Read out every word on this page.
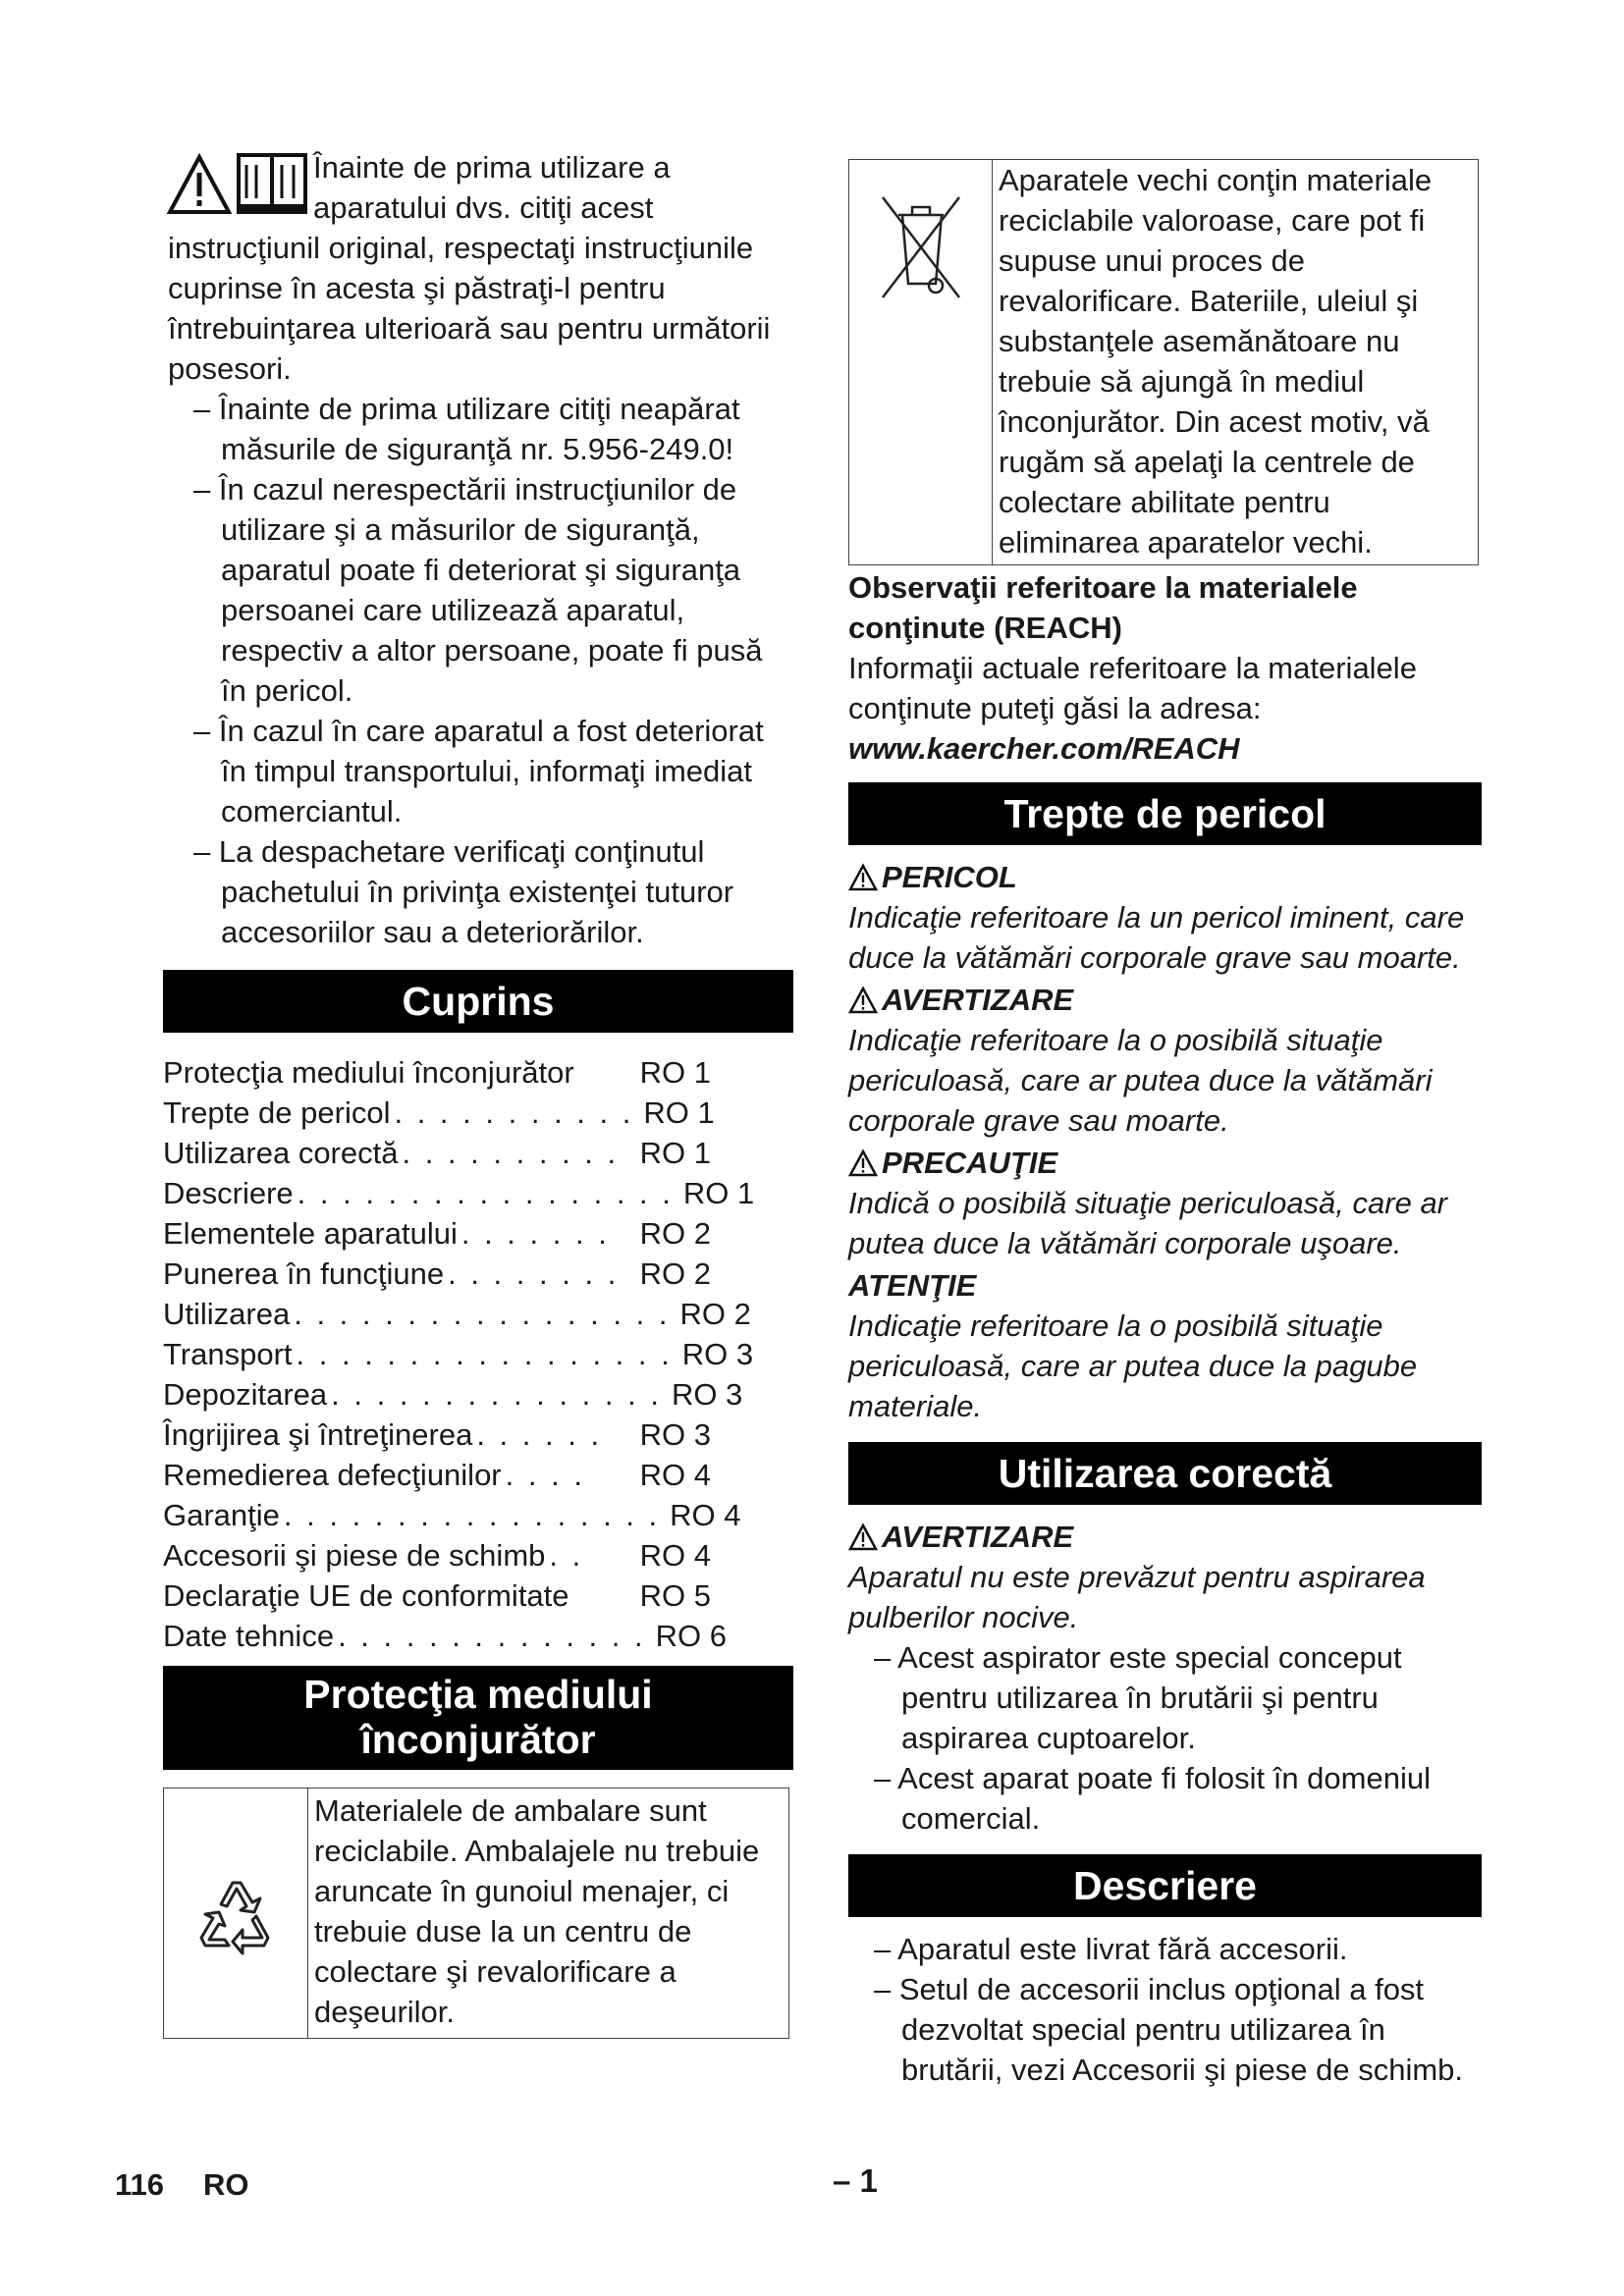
Înainte de prima utilizare a aparatului dvs. citiţi acest instrucţiunil original, respectaţi instrucţiunile cuprinse în acesta şi păstraţi-l pentru întrebuinţarea ulterioară sau pentru următorii posesori.

– Înainte de prima utilizare citiţi neapărat măsurile de siguranţă nr. 5.956-249.0!
– În cazul nerespectării instrucţiunilor de utilizare şi a măsurilor de siguranţă, aparatul poate fi deteriorat şi siguranţa persoanei care utilizează aparatul, respectiv a altor persoane, poate fi pusă în pericol.
– În cazul în care aparatul a fost deteriorat în timpul transportului, informaţi imediat comerciantul.
– La despachetare verificaţi conţinutul pachetului în privinţa existenţei tuturor accesoriilor sau a deteriorărilor.
Cuprins
Protecţia mediului înconjurător	RO 1
Trepte de pericol . . . . . . . . . . . RO 1
Utilizarea corectă . . . . . . . . . . RO 1
Descriere . . . . . . . . . . . . . . . . . RO 1
Elementele aparatului . . . . . . . RO 2
Punerea în funcţiune . . . . . . . . RO 2
Utilizarea . . . . . . . . . . . . . . . . . RO 2
Transport . . . . . . . . . . . . . . . . . RO 3
Depozitarea . . . . . . . . . . . . . . . RO 3
Îngrijirea şi întreţinerea . . . . . .	RO 3
Remedierea defecţiunilor . . . .	RO 4
Garanţie . . . . . . . . . . . . . . . . . RO 4
Accesorii şi piese de schimb . .	RO 4
Declaraţie UE de conformitate	RO 5
Date tehnice . . . . . . . . . . . . . . RO 6
Protecţia mediului
înconjurător
Materialele de ambalare sunt reciclabile. Ambalajele nu trebuie aruncate în gunoiul menajer, ci trebuie duse la un centru de colectare şi revalorificare a deşeurilor.
Aparatele vechi conţin materiale reciclabile valoroase, care pot fi supuse unui proces de revalorificare. Bateriile, uleiul şi substanţele asemănătoare nu trebuie să ajungă în mediul înconjurător. Din acest motiv, vă rugăm să apelaţi la centrele de colectare abilitate pentru eliminarea aparatelor vechi.

Observaţii referitoare la materialele conţinute (REACH)

Informaţii actuale referitoare la materialele conţinute puteţi găsi la adresa:

www.kaercher.com/REACH

Trepte de pericol
PERICOL

Indicaţie referitoare la un pericol iminent, care duce la vătămări corporale grave sau moarte.

AVERTIZARE

Indicaţie referitoare la o posibilă situaţie periculoasă, care ar putea duce la vătămări corporale grave sau moarte.

PRECAUŢIE

Indică o posibilă situaţie periculoasă, care ar putea duce la vătămări corporale uşoare.

ATENŢIE

Indicaţie referitoare la o posibilă situaţie periculoasă, care ar putea duce la pagube materiale.

Utilizarea corectă
AVERTIZARE

Aparatul nu este prevăzut pentru aspirarea pulberilor nocive.

– Acest aspirator este special conceput pentru utilizarea în brutării şi pentru aspirarea cuptoarelor.
– Acest aparat poate fi folosit în domeniul comercial.
Descriere
– Aparatul este livrat fără accesorii.
– Setul de accesorii inclus opţional a fost dezvoltat special pentru utilizarea în brutării, vezi Accesorii şi piese de schimb.
116 RO	– 1
